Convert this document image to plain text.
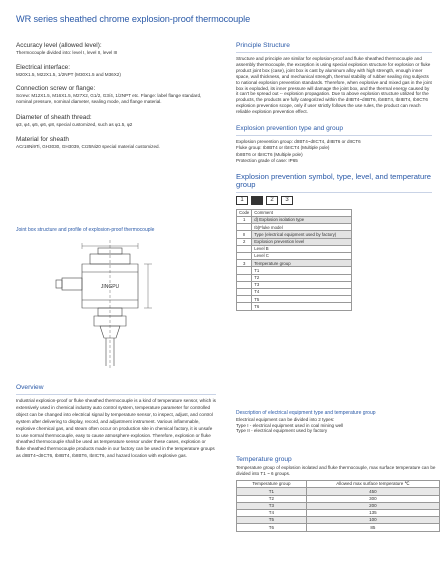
WR series sheathed chrome explosion-proof thermocouple
Accuracy level (allowed level):
Thermocouple divided into: level I, level II, level III
Electrical interface:
M20X1.5, M22X1.5, 1/2NPT (M30X1.5 and M36X2)
Connection screw or flange:
Screw: M12X1.5, M16X1.5, M27X2, G1/2, G3/4, 1/2NPT etc. Flange: label flange standard, nominal pressure, nominal diameter, sealing mode, and flange material.
Diameter of sheath thread:
φ3, φ4, φ5, φ6, φ8, special customized, such as φ1.5, φ2
Material for sheath
ACr18Ni9Ti, GH3030, GH3039, Cr25Ni20 special material customized.
Joint box structure and profile of explosion-proof thermocouple
JINGPU
Overview
Industrial explosion-proof or fluke sheathed thermocouple is a kind of temperature sensor, which is extensively used in chemical industry auto control system, temperature parameter for controlled object can be changed into electrical signal by temperature sensor, to inspect, adjust, and control system after delivering to display, record, and adjustment instrument. Various inflammable, explosive chemical gas, and steam often occur on production site in chemical factory, it is unsafe to use normal thermocouple, easy to cause atmosphere explosion. Therefore, explosion or fluke sheathed thermocouple shall be used as temperature sensor under these cases, explosion or fluke sheathed thermocouple products made in our factory can be used in the temperature groups as dIIBT4~dIICT6, IbIIBT4, IbIIBT6, IbIICT6, and hazard location with explosive gas.
Principle Structure
Structure and principle are similar for explosion-proof and fluke sheathed thermocouple and assembly thermocouple, the exception is using special explosion structure for explosion or fluke product joint box (case), joint box is cast by aluminum alloy with high strength, enough inner space, wall thickness, and mechanical strength, thermal stability of rubber sealing ring subjects to national explosion prevention standards. Therefore, when explosive and mixed gas in the joint box is exploded, its inner pressure will damage the joint box, and the thermal energy caused by it can't be spread out -- explosion propagation. Due to above explosion structure utilized for the products, the products are fully categorized within the dIIBT4~dIIBT6, IbIIBT4, IbIIBT4, IbIICT6 explosion prevention scope, only if user strictly follows the use rules, the product can reach reliable explosion prevention effect.
Explosion prevention type and group
Explosion prevention group: dIIBT4~dIICT4, dIIBT6 or dIICT6
Fluke group: IbIIBT4 or IbIICT4 (Multiple pole)
IbIIBT6 or IbIICT6 (Multiple pole)
Protection grade of case: IP65
Explosion prevention symbol, type, level, and temperature group
1	2	3
Code	Comment
1	d) Explosion isolation type
	Ib)Fluke model
II	Type (electrical equipment used by factory)
2	Explosion prevention level
	Level B
	Level C
3	Temperature group
	T1
	T2
	T3
	T4
	T5
	T6
Description of electrical equipment type and temperature group
Electrical equipment can be divided into 2 types:
Type I - electrical equipment used in coal mining well
Type II - electrical equipment used by factory
Temperature group
Temperature group of explosion isolated and fluke thermocouple, max surface temperature can be divided into T1 ~ 6 groups.
Temperature group	Allowed max surface temperature ℃
T1	450
T2	300
T3	200
T4	135
T5	100
T6	85
